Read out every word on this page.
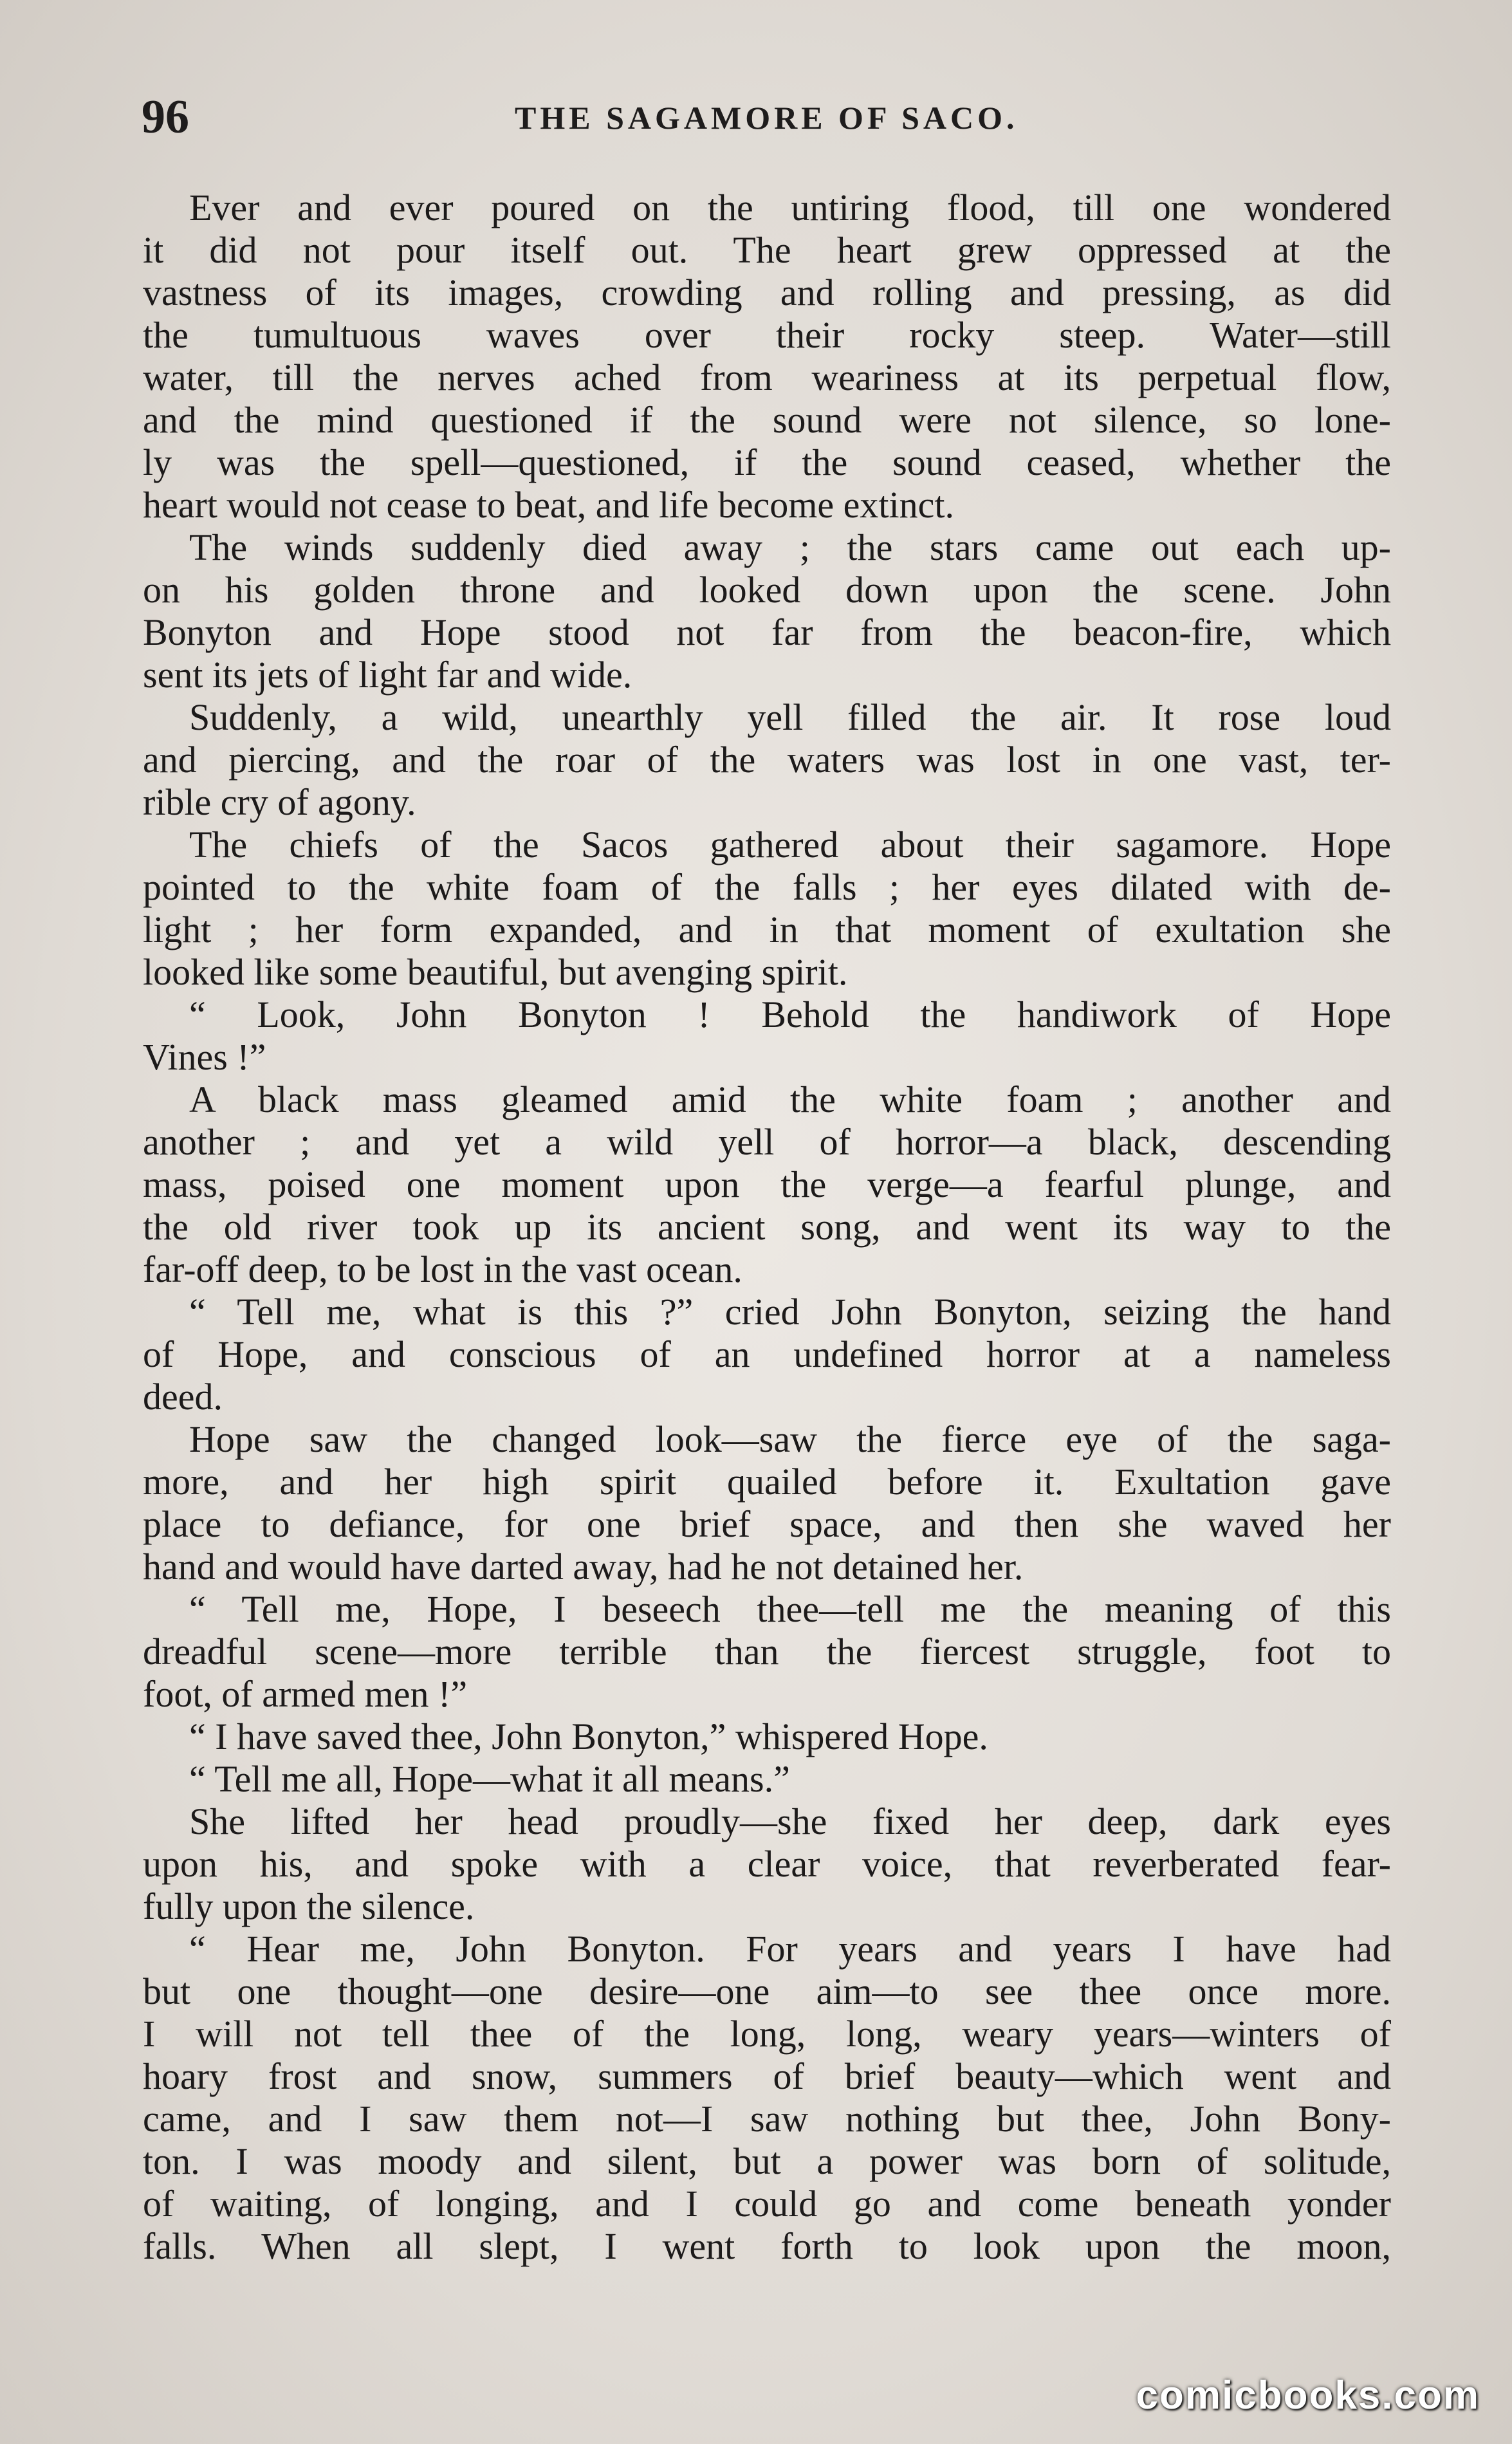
96	THE SAGAMORE OF SACO.
Ever and ever poured on the untiring flood, till one wondered
it did not pour itself out. The heart grew oppressed at the
vastness of its images, crowding and rolling and pressing, as did
the tumultuous waves over their rocky steep. Water—still
water, till the nerves ached from weariness at its perpetual flow,
and the mind questioned if the sound were not silence, so lone-
ly was the spell—questioned, if the sound ceased, whether the
heart would not cease to beat, and life become extinct.
The winds suddenly died away ; the stars came out each up-
on his golden throne and looked down upon the scene. John
Bonyton and Hope stood not far from the beacon-fire, which
sent its jets of light far and wide.
Suddenly, a wild, unearthly yell filled the air. It rose loud
and piercing, and the roar of the waters was lost in one vast, ter-
rible cry of agony.
The chiefs of the Sacos gathered about their sagamore. Hope
pointed to the white foam of the falls ; her eyes dilated with de-
light ; her form expanded, and in that moment of exultation she
looked like some beautiful, but avenging spirit.
“ Look, John Bonyton ! Behold the handiwork of Hope
Vines !”
A black mass gleamed amid the white foam ; another and
another ; and yet a wild yell of horror—a black, descending
mass, poised one moment upon the verge—a fearful plunge, and
the old river took up its ancient song, and went its way to the
far-off deep, to be lost in the vast ocean.
“ Tell me, what is this ?” cried John Bonyton, seizing the hand
of Hope, and conscious of an undefined horror at a nameless
deed.
Hope saw the changed look—saw the fierce eye of the saga-
more, and her high spirit quailed before it. Exultation gave
place to defiance, for one brief space, and then she waved her
hand and would have darted away, had he not detained her.
“ Tell me, Hope, I beseech thee—tell me the meaning of this
dreadful scene—more terrible than the fiercest struggle, foot to
foot, of armed men !”
“ I have saved thee, John Bonyton,” whispered Hope.
“ Tell me all, Hope—what it all means.”
She lifted her head proudly—she fixed her deep, dark eyes
upon his, and spoke with a clear voice, that reverberated fear-
fully upon the silence.
“ Hear me, John Bonyton. For years and years I have had
but one thought—one desire—one aim—to see thee once more.
I will not tell thee of the long, long, weary years—winters of
hoary frost and snow, summers of brief beauty—which went and
came, and I saw them not—I saw nothing but thee, John Bony-
ton. I was moody and silent, but a power was born of solitude,
of waiting, of longing, and I could go and come beneath yonder
falls. When all slept, I went forth to look upon the moon,
comicbooks.com
